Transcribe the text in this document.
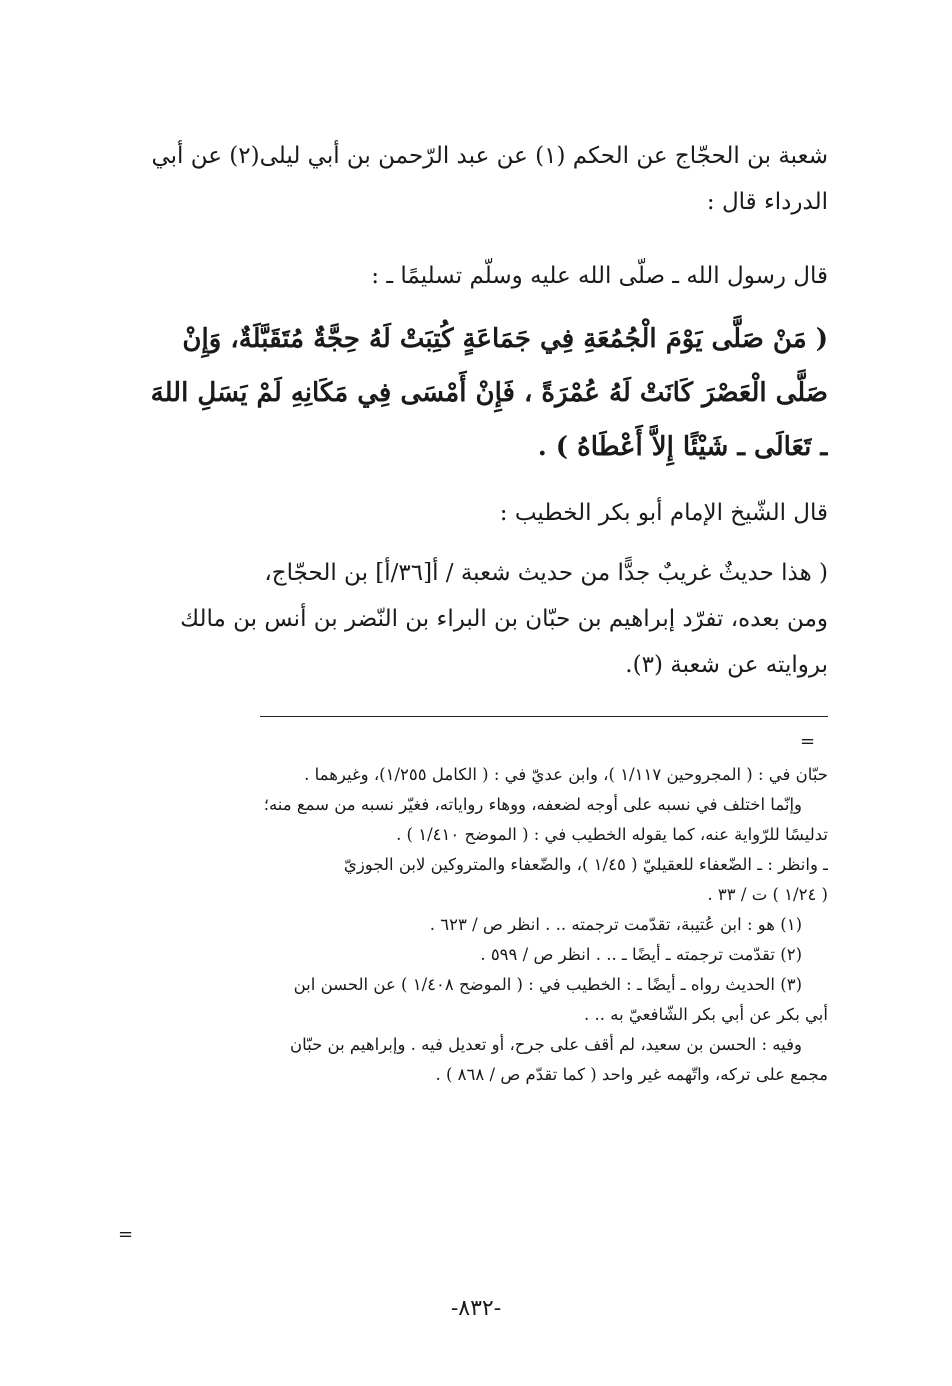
شعبة بن الحجّاج عن الحكم (١) عن عبد الرّحمن بن أبي ليلى(٢) عن أبي
الدرداء قال :
قال رسول الله ـ صلّى الله عليه وسلّم تسليمًا ـ :
( مَنْ صَلَّى يَوْمَ الْجُمُعَةِ فِي جَمَاعَةٍ كُتِبَتْ لَهُ حِجَّةٌ مُتَقَبَّلَةٌ، وَإِنْ
صَلَّى الْعَصْرَ كَانَتْ لَهُ عُمْرَةً ، فَإِنْ أَمْسَى فِي مَكَانِهِ لَمْ يَسَلِ اللهَ
ـ تَعَالَى ـ شَيْئًا إِلاَّ أَعْطَاهُ ) .
قال الشّيخ الإمام أبو بكر الخطيب :
( هذا حديثٌ غريبٌ جدًّا من حديث شعبة / أ[٣٦/أ] بن الحجّاج،
ومن بعده، تفرّد إبراهيم بن حبّان بن البراء بن النّضر بن أنس بن مالك
بروايته عن شعبة (٣).
=
حبّان في : ( المجروحين ١/١١٧ )، وابن عديّ في : ( الكامل ١/٢٥٥)، وغيرهما .
وإنّما اختلف في نسبه على أوجه لضعفه، ووهاء رواياته، فغيّر نسبه من سمع منه؛
تدليسًا للرّواية عنه، كما يقوله الخطيب في : ( الموضح ١/٤١٠ ) .
ـ وانظر : ـ الضّعفاء للعقيليّ ( ١/٤٥ )، والضّعفاء والمتروكين لابن الجوزيّ
( ١/٢٤ ) ت / ٣٣ .
(١) هو : ابن عُتيبة، تقدّمت ترجمته .. . انظر ص / ٦٢٣ .
(٢) تقدّمت ترجمته ـ أيضًا ـ .. . انظر ص / ٥٩٩ .
(٣) الحديث رواه ـ أيضًا ـ : الخطيب في : ( الموضح ١/٤٠٨ ) عن الحسن ابن
أبي بكر عن أبي بكر الشّافعيّ به .. .
وفيه : الحسن بن سعيد، لم أقف على جرح، أو تعديل فيه . وإبراهيم بن حبّان
مجمع على تركه، واتّهمه غير واحد ( كما تقدّم ص / ٨٦٨ ) .
=
-٨٣٢-
